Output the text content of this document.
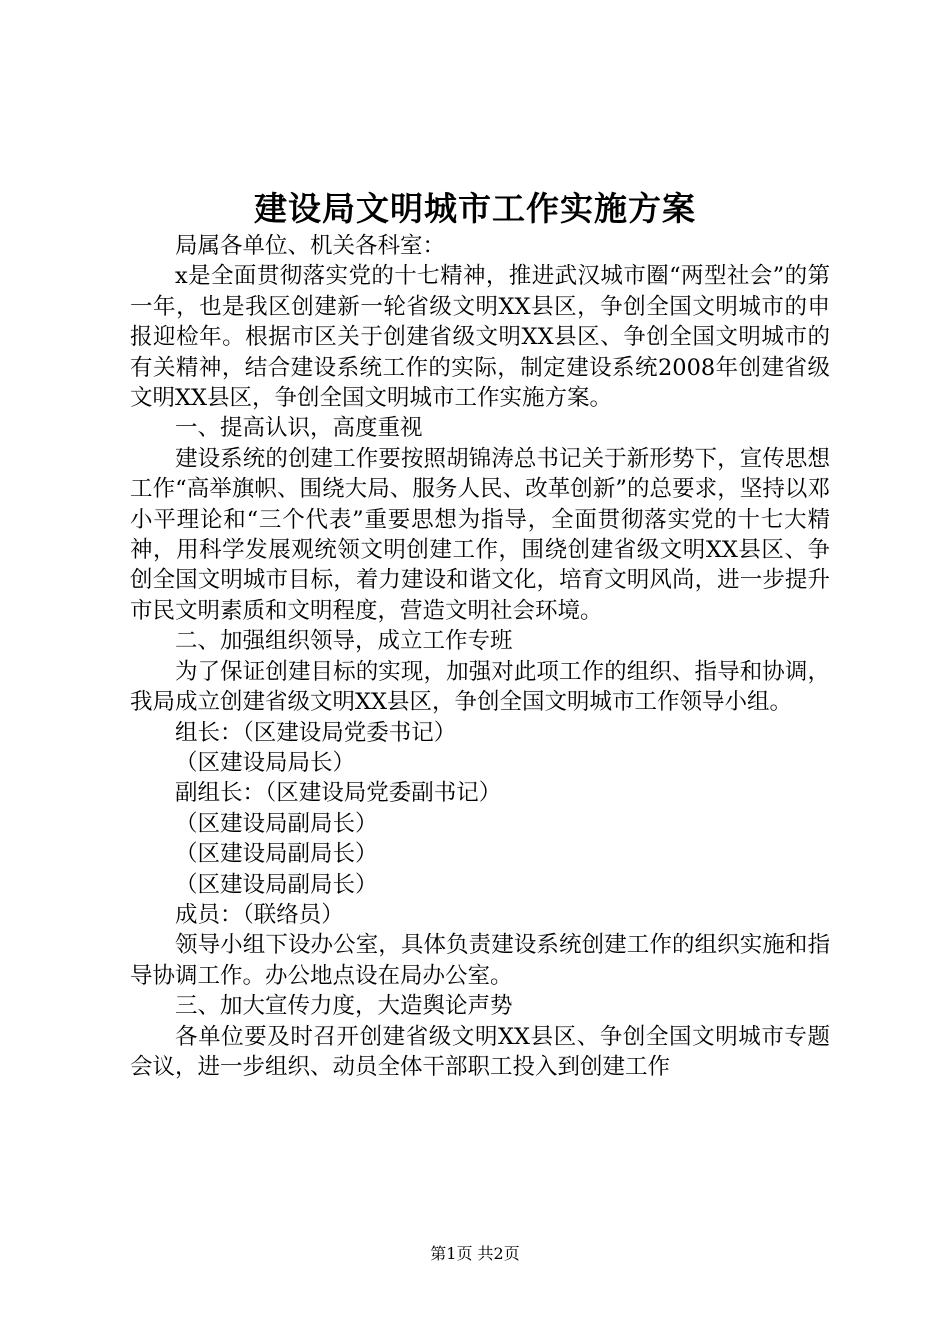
建设局文明城市工作实施方案

局属各单位、机关各科室：

x是全面贯彻落实党的十七精神，推进武汉城市圈“两型社会”的第一年，也是我区创建新一轮省级文明XX县区，争创全国文明城市的申报迎检年。根据市区关于创建省级文明XX县区、争创全国文明城市的有关精神，结合建设系统工作的实际，制定建设系统2008年创建省级文明XX县区，争创全国文明城市工作实施方案。

一、提高认识，高度重视

建设系统的创建工作要按照胡锦涛总书记关于新形势下，宣传思想工作“高举旗帜、围绕大局、服务人民、改革创新”的总要求，坚持以邓小平理论和“三个代表”重要思想为指导，全面贯彻落实党的十七大精神，用科学发展观统领文明创建工作，围绕创建省级文明XX县区、争创全国文明城市目标，着力建设和谐文化，培育文明风尚，进一步提升市民文明素质和文明程度，营造文明社会环境。

二、加强组织领导，成立工作专班

为了保证创建目标的实现，加强对此项工作的组织、指导和协调，我局成立创建省级文明XX县区，争创全国文明城市工作领导小组。

组长：（区建设局党委书记）

（区建设局局长）

副组长：（区建设局党委副书记）

（区建设局副局长）

（区建设局副局长）

（区建设局副局长）

成员：（联络员）

领导小组下设办公室，具体负责建设系统创建工作的组织实施和指导协调工作。办公地点设在局办公室。

三、加大宣传力度，大造舆论声势

各单位要及时召开创建省级文明XX县区、争创全国文明城市专题会议，进一步组织、动员全体干部职工投入到创建工作

第1页 共2页
